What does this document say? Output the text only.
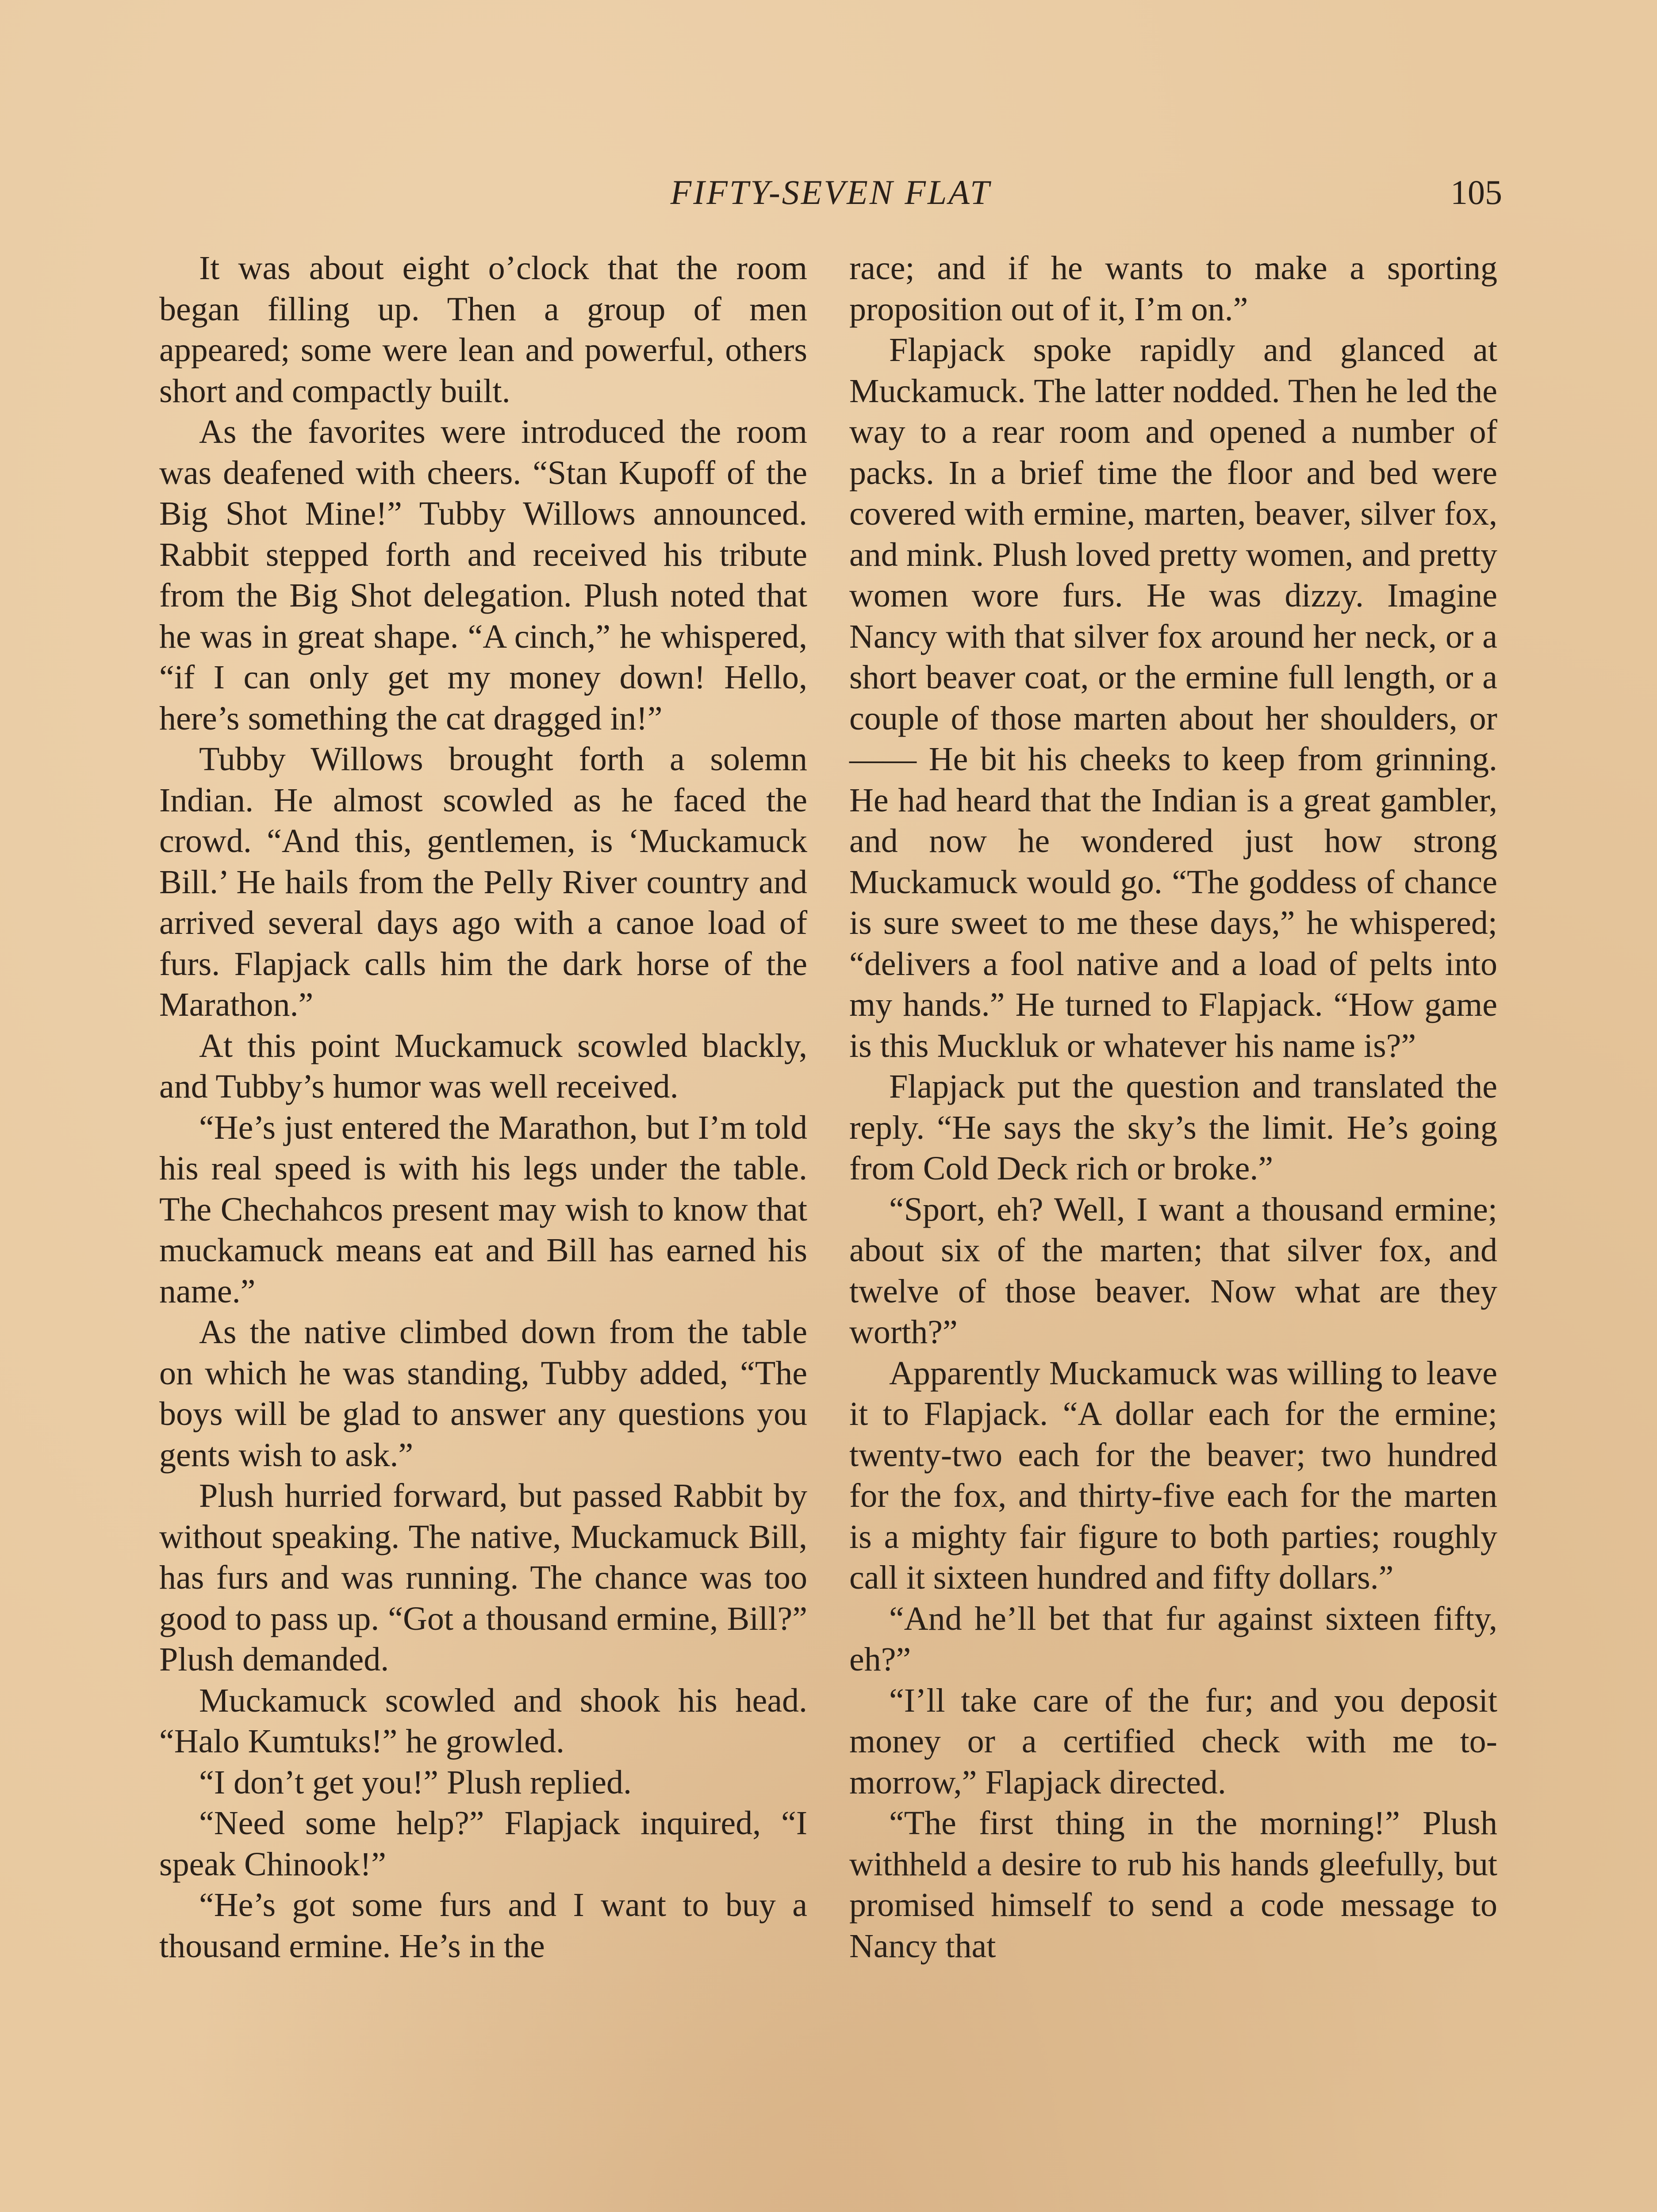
FIFTY-SEVEN FLAT	105

It was about eight o’clock that the room began filling up. Then a group of men appeared; some were lean and powerful, others short and compactly built.

As the favorites were introduced the room was deafened with cheers. “Stan Kupoff of the Big Shot Mine!” Tubby Willows announced. Rabbit stepped forth and received his tribute from the Big Shot delegation. Plush noted that he was in great shape. “A cinch,” he whispered, “if I can only get my money down! Hello, here’s something the cat dragged in!”

Tubby Willows brought forth a solemn Indian. He almost scowled as he faced the crowd. “And this, gentlemen, is ‘Muckamuck Bill.’ He hails from the Pelly River country and arrived several days ago with a canoe load of furs. Flapjack calls him the dark horse of the Marathon.”

At this point Muckamuck scowled blackly, and Tubby’s humor was well received.

“He’s just entered the Marathon, but I’m told his real speed is with his legs under the table. The Chechahcos present may wish to know that muckamuck means eat and Bill has earned his name.”

As the native climbed down from the table on which he was standing, Tubby added, “The boys will be glad to answer any questions you gents wish to ask.”

Plush hurried forward, but passed Rabbit by without speaking. The native, Muckamuck Bill, has furs and was running. The chance was too good to pass up. “Got a thousand ermine, Bill?” Plush demanded.

Muckamuck scowled and shook his head. “Halo Kumtuks!” he growled.

“I don’t get you!” Plush replied.

“Need some help?” Flapjack inquired, “I speak Chinook!”

“He’s got some furs and I want to buy a thousand ermine. He’s in the

race; and if he wants to make a sporting proposition out of it, I’m on.”

Flapjack spoke rapidly and glanced at Muckamuck. The latter nodded. Then he led the way to a rear room and opened a number of packs. In a brief time the floor and bed were covered with ermine, marten, beaver, silver fox, and mink. Plush loved pretty women, and pretty women wore furs. He was dizzy. Imagine Nancy with that silver fox around her neck, or a short beaver coat, or the ermine full length, or a couple of those marten about her shoulders, or—— He bit his cheeks to keep from grinning. He had heard that the Indian is a great gambler, and now he wondered just how strong Muckamuck would go. “The goddess of chance is sure sweet to me these days,” he whispered; “delivers a fool native and a load of pelts into my hands.” He turned to Flapjack. “How game is this Muckluk or whatever his name is?”

Flapjack put the question and translated the reply. “He says the sky’s the limit. He’s going from Cold Deck rich or broke.”

“Sport, eh? Well, I want a thousand ermine; about six of the marten; that silver fox, and twelve of those beaver. Now what are they worth?”

Apparently Muckamuck was willing to leave it to Flapjack. “A dollar each for the ermine; twenty-two each for the beaver; two hundred for the fox, and thirty-five each for the marten is a mighty fair figure to both parties; roughly call it sixteen hundred and fifty dollars.”

“And he’ll bet that fur against sixteen fifty, eh?”

“I’ll take care of the fur; and you deposit money or a certified check with me to-morrow,” Flapjack directed.

“The first thing in the morning!” Plush withheld a desire to rub his hands gleefully, but promised himself to send a code message to Nancy that
